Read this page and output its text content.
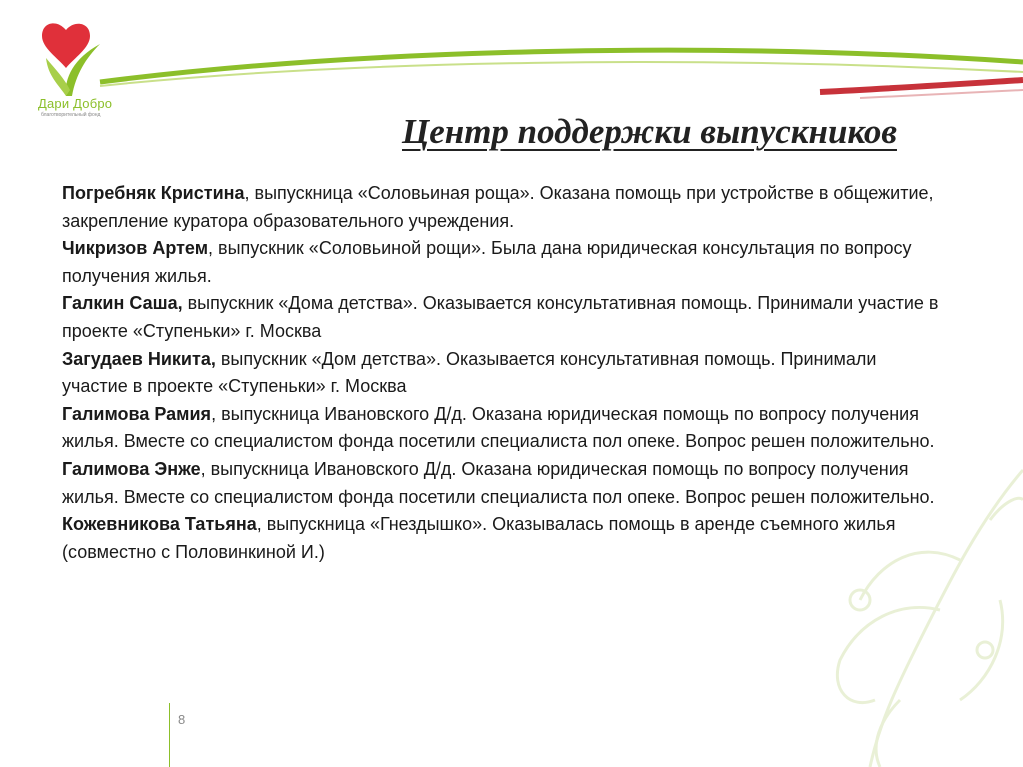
Дари Добро
благотворительный фонд	Центр поддержки выпускников

Погребняк Кристина, выпускница «Соловьиная роща». Оказана помощь при устройстве в общежитие, закрепление куратора образовательного учреждения.

Чикризов Артем, выпускник «Соловьиной рощи». Была дана юридическая консультация по вопросу получения жилья.

Галкин Саша, выпускник «Дома детства». Оказывается консультативная помощь. Принимали участие в проекте «Ступеньки» г. Москва

Загудаев Никита, выпускник «Дом детства». Оказывается консультативная помощь. Принимали участие в проекте «Ступеньки» г. Москва

Галимова Рамия, выпускница Ивановского Д/д. Оказана юридическая помощь по вопросу получения жилья. Вместе со специалистом фонда посетили специалиста пол опеке. Вопрос решен положительно.

Галимова Энже, выпускница Ивановского Д/д. Оказана юридическая помощь по вопросу получения жилья. Вместе со специалистом фонда посетили специалиста пол опеке. Вопрос решен положительно.

Кожевникова Татьяна, выпускница «Гнездышко». Оказывалась помощь в аренде съемного жилья (совместно с Половинкиной И.)

8
